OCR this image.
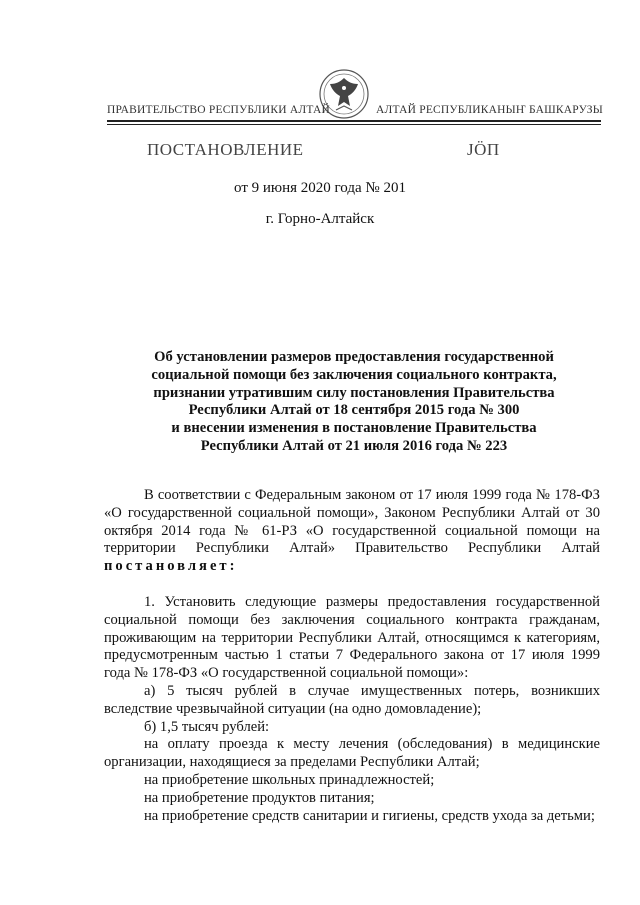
ПРАВИТЕЛЬСТВО РЕСПУБЛИКИ АЛТАЙ	АЛТАЙ РЕСПУБЛИКАНЫҤ БАШКАРУЗЫ
ПОСТАНОВЛЕНИЕ	ЈÖП
от 9 июня 2020 года № 201
г. Горно-Алтайск
Об установлении размеров предоставления государственной
социальной помощи без заключения социального контракта,
признании утратившим силу постановления Правительства
Республики Алтай от 18 сентября 2015 года № 300
и внесении изменения в постановление Правительства
Республики Алтай от 21 июля 2016 года № 223

В соответствии с Федеральным законом от 17 июля 1999 года № 178-ФЗ «О государственной социальной помощи», Законом Республики Алтай от 30 октября 2014 года № 61-РЗ «О государственной социальной помощи на территории Республики Алтай» Правительство Республики Алтай постановляет:

1. Установить следующие размеры предоставления государственной социальной помощи без заключения социального контракта гражданам, проживающим на территории Республики Алтай, относящимся к категориям, предусмотренным частью 1 статьи 7 Федерального закона от 17 июля 1999 года № 178-ФЗ «О государственной социальной помощи»:

а) 5 тысяч рублей в случае имущественных потерь, возникших вследствие чрезвычайной ситуации (на одно домовладение);

б) 1,5 тысяч рублей:

на оплату проезда к месту лечения (обследования) в медицинские организации, находящиеся за пределами Республики Алтай;

на приобретение школьных принадлежностей;

на приобретение продуктов питания;

на приобретение средств санитарии и гигиены, средств ухода за детьми;
